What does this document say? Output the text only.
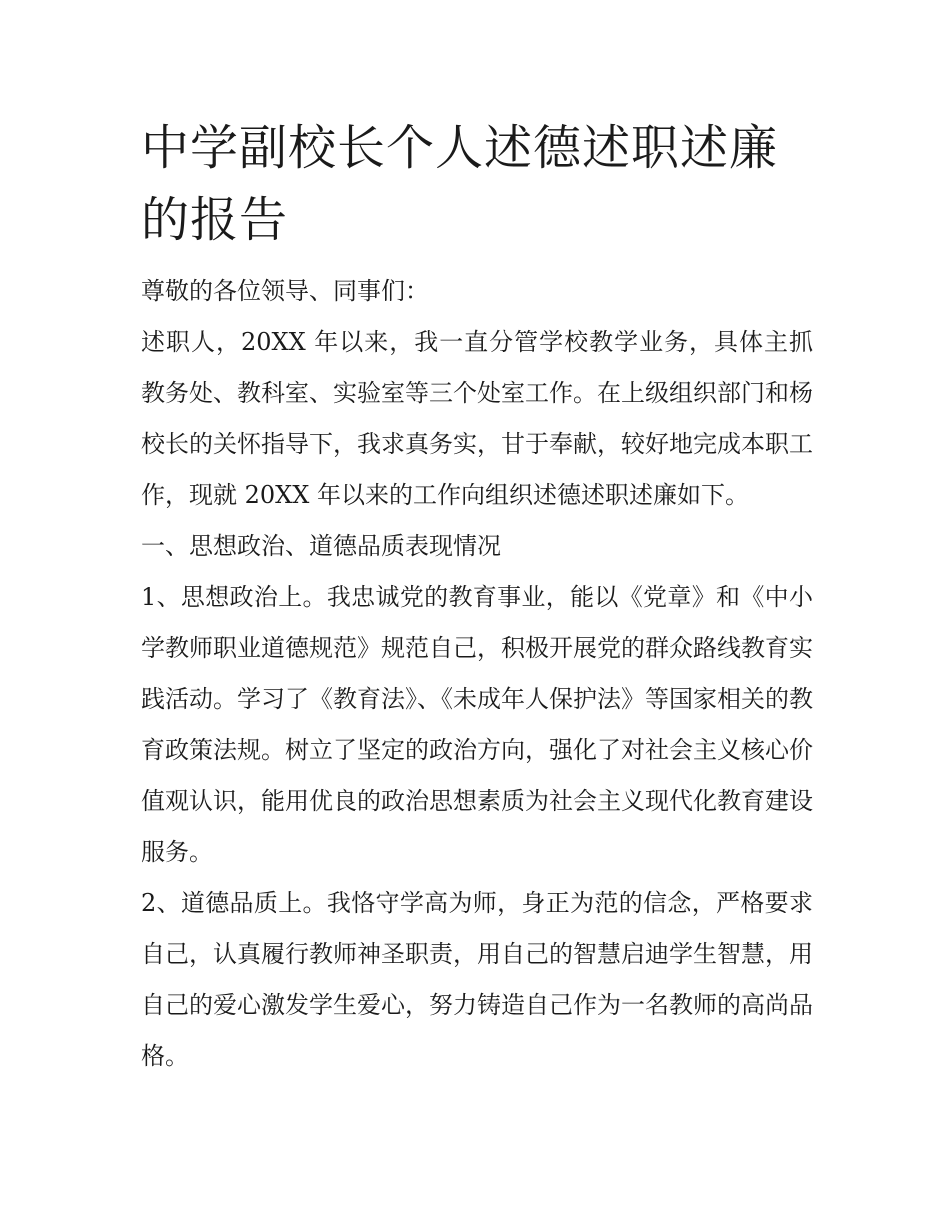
中学副校长个人述德述职述廉的报告

尊敬的各位领导、同事们：

述职人，20XX 年以来，我一直分管学校教学业务，具体主抓教务处、教科室、实验室等三个处室工作。在上级组织部门和杨校长的关怀指导下，我求真务实，甘于奉献，较好地完成本职工作，现就 20XX 年以来的工作向组织述德述职述廉如下。

一、思想政治、道德品质表现情况

1、思想政治上。我忠诚党的教育事业，能以《党章》和《中小学教师职业道德规范》规范自己，积极开展党的群众路线教育实践活动。学习了《教育法》、《未成年人保护法》等国家相关的教育政策法规。树立了坚定的政治方向，强化了对社会主义核心价值观认识，能用优良的政治思想素质为社会主义现代化教育建设服务。

2、道德品质上。我恪守学高为师，身正为范的信念，严格要求自己，认真履行教师神圣职责，用自己的智慧启迪学生智慧，用自己的爱心激发学生爱心，努力铸造自己作为一名教师的高尚品格。
